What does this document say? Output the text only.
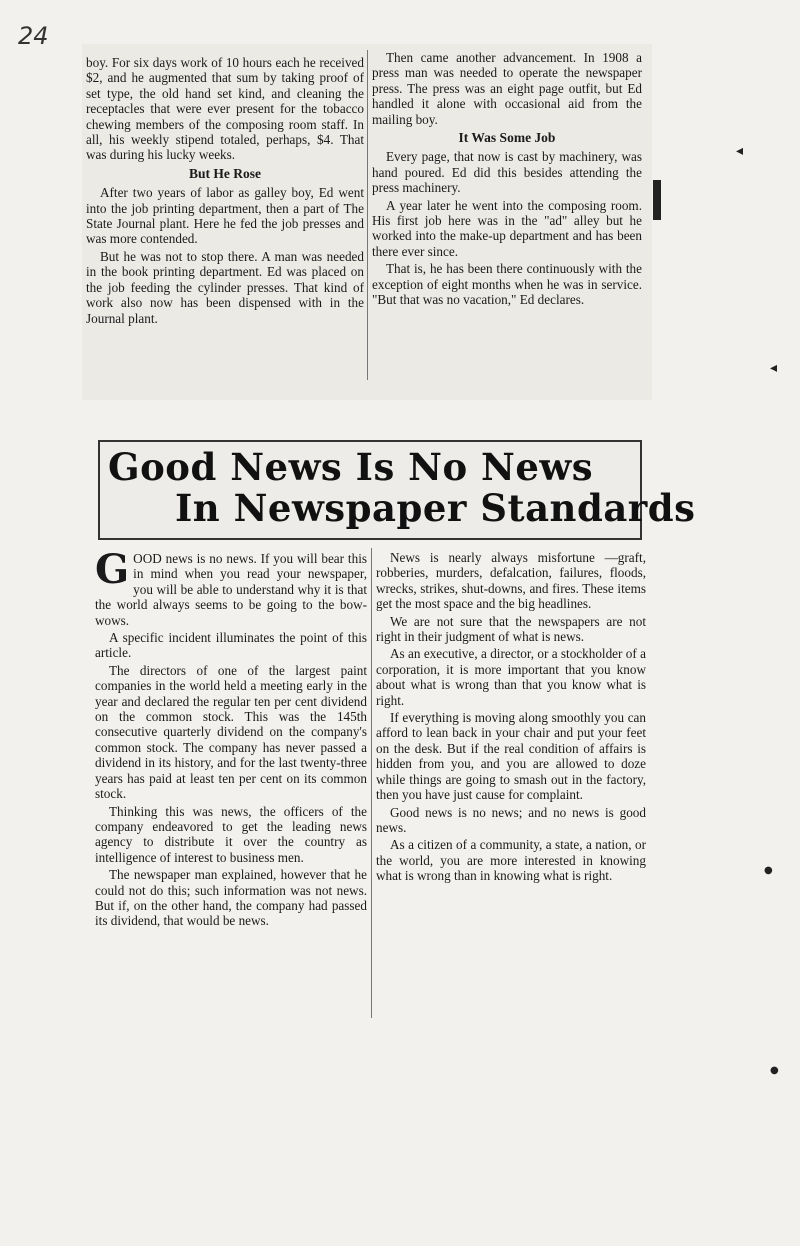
24

boy. For six days work of 10 hours each he received $2, and he augmented that sum by taking proof of set type, the old hand set kind, and cleaning the receptacles that were ever present for the tobacco chewing members of the composing room staff. In all, his weekly stipend totaled, perhaps, $4. That was during his lucky weeks.

But He Rose

After two years of labor as galley boy, Ed went into the job printing department, then a part of The State Journal plant. Here he fed the job presses and was more contended.

But he was not to stop there. A man was needed in the book printing department. Ed was placed on the job feeding the cylinder presses. That kind of work also now has been dispensed with in the Journal plant.

Then came another advancement. In 1908 a press man was needed to operate the newspaper press. The press was an eight page outfit, but Ed handled it alone with occasional aid from the mailing boy.

It Was Some Job

Every page, that now is cast by machinery, was hand poured. Ed did this besides attending the press machinery.

A year later he went into the composing room. His first job here was in the "ad" alley but he worked into the make-up department and has been there ever since.

That is, he has been there continuously with the exception of eight months when he was in service. "But that was no vacation," Ed declares.

Good News Is No News
In Newspaper Standards

GOOD news is no news. If you will bear this in mind when you read your newspaper, you will be able to understand why it is that the world always seems to be going to the bow-wows.

A specific incident illuminates the point of this article.

The directors of one of the largest paint companies in the world held a meeting early in the year and declared the regular ten per cent dividend on the common stock. This was the 145th consecutive quarterly dividend on the company's common stock. The company has never passed a dividend in its history, and for the last twenty-three years has paid at least ten per cent on its common stock.

Thinking this was news, the officers of the company endeavored to get the leading news agency to distribute it over the country as intelligence of interest to business men.

The newspaper man explained, however that he could not do this; such information was not news. But if, on the other hand, the company had passed its dividend, that would be news.

News is nearly always misfortune —graft, robberies, murders, defalcation, failures, floods, wrecks, strikes, shut-downs, and fires. These items get the most space and the big headlines.

We are not sure that the newspapers are not right in their judgment of what is news.

As an executive, a director, or a stockholder of a corporation, it is more important that you know about what is wrong than that you know what is right.

If everything is moving along smoothly you can afford to lean back in your chair and put your feet on the desk. But if the real condition of affairs is hidden from you, and you are allowed to doze while things are going to smash out in the factory, then you have just cause for complaint.

Good news is no news; and no news is good news.

As a citizen of a community, a state, a nation, or the world, you are more interested in knowing what is wrong than in knowing what is right.

◂
◂
●
●
